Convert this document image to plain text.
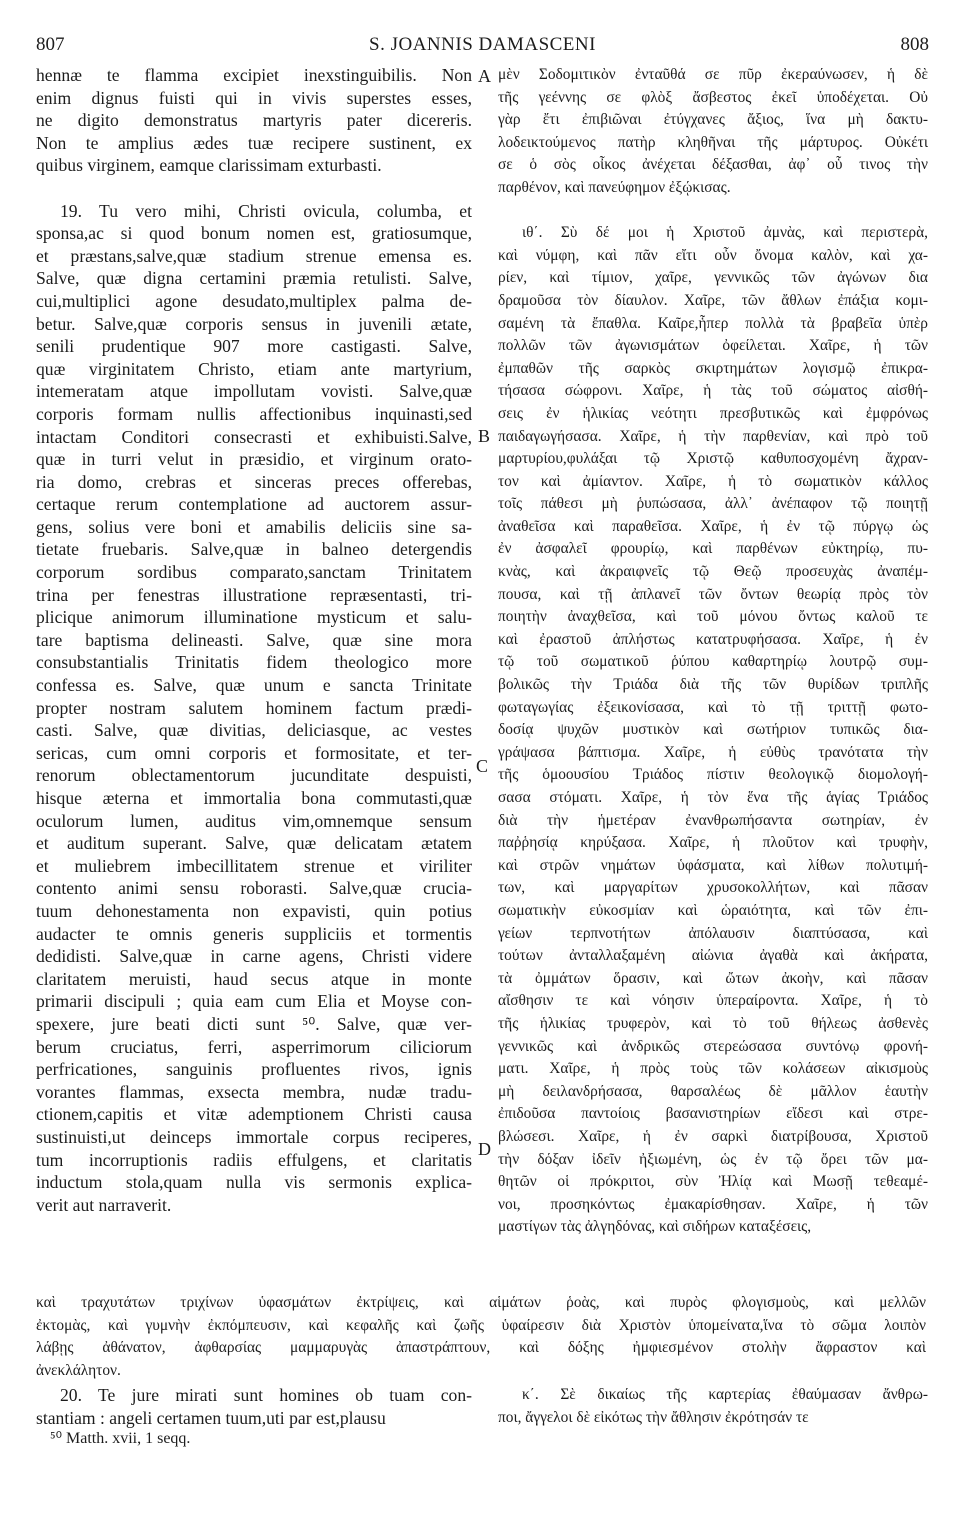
807	S. JOANNIS DAMASCENI	808
hennæ te flamma excipiet inexstinguibilis. Non
enim dignus fuisti qui in vivis superstes esses,
ne digito demonstratus martyris pater dicereris.
Non te amplius ædes tuæ recipere sustinent, ex
quibus virginem, eamque clarissimam exturbasti.

19. Tu vero mihi, Christi ovicula, columba, et
sponsa,ac si quod bonum nomen est, gratiosumque,
et præstans,salve,quæ stadium strenue emensa es.
Salve, quæ digna certamini præmia retulisti. Salve,
cui,multiplici agone desudato,multiplex palma de-
betur. Salve,quæ corporis sensus in juvenili ætate,
senili prudentique 907 more castigasti. Salve,
quæ virginitatem Christo, etiam ante martyrium,
intemeratam atque impollutam vovisti. Salve,quæ
corporis formam nullis affectionibus inquinasti,sed
intactam Conditori consecrasti et exhibuisti.Salve,
quæ in turri velut in præsidio, et virginum orato-
ria domo, crebras et sinceras preces offerebas,
certaque rerum contemplatione ad auctorem assur-
gens, solius vere boni et amabilis deliciis sine sa-
tietate fruebaris. Salve,quæ in balneo detergendis
corporum sordibus comparato,sanctam Trinitatem
trina per fenestras illustratione repræsentasti, tri-
plicique animorum illuminatione mysticum et salu-
tare baptisma delineasti. Salve, quæ sine mora
consubstantialis Trinitatis fidem theologico more
confessa es. Salve, quæ unum e sancta Trinitate
propter nostram salutem hominem factum prædi-
casti. Salve, quæ divitias, deliciasque, ac vestes
sericas, cum omni corporis et formositate, et ter-
renorum oblectamentorum jucunditate despuisti,
hisque æterna et immortalia bona commutasti,quæ
oculorum lumen, auditus vim,omnemque sensum
et auditum superant. Salve, quæ delicatam ætatem
et muliebrem imbecillitatem strenue et viriliter
contento animi sensu roborasti. Salve,quæ crucia-
tuum dehonestamenta non expavisti, quin potius
audacter te omnis generis suppliciis et tormentis
dedidisti. Salve,quæ in carne agens, Christi videre
claritatem meruisti, haud secus atque in monte
primarii discipuli ; quia eam cum Elia et Moyse con-
spexere, jure beati dicti sunt ⁵⁰. Salve, quæ ver-
berum cruciatus, ferri, asperrimorum ciliciorum
perfricationes, sanguinis profluentes rivos, ignis
vorantes flammas, exsecta membra, nudæ tradu-
ctionem,capitis et vitæ ademptionem Christi causa
sustinuisti,ut deinceps immortale corpus reciperes,
tum incorruptionis radiis effulgens, et claritatis
inductum stola,quam nulla vis sermonis explica-
verit aut narraverit.
μὲν Σοδομιτικὸν ἐνταῦθά σε πῦρ ἐκεραύνωσεν, ἡ δὲ
τῆς γεέννης σε φλὸξ ἄσβεστος ἐκεῖ ὑποδέχεται. Οὐ
γὰρ ἔτι ἐπιβιῶναι ἐτύγχανες ἄξιος, ἵνα μὴ δακτυ-
λοδεικτούμενος πατὴρ κληθῆναι τῆς μάρτυρος. Οὐκέτι
σε ὁ σὸς οἶκος ἀνέχεται δέξασθαι, ἀφ᾽ οὗ τινος τὴν
παρθένον, καὶ πανεύφημον ἐξῴκισας.

ιθ΄. Σὺ δέ μοι ἡ Χριστοῦ ἀμνὰς, καὶ περιστερὰ,
καὶ νύμφη, καὶ πᾶν εἴτι οὖν ὄνομα καλὸν, καὶ χα-
ρίεν, καὶ τίμιον, χαῖρε, γεννικῶς τῶν ἀγώνων δια
δραμοῦσα τὸν δίαυλον. Χαῖρε, τῶν ἄθλων ἐπάξια κομι-
σαμένη τὰ ἔπαθλα. Καῖρε,ἧπερ πολλὰ τὰ βραβεῖα ὑπὲρ
πολλῶν τῶν ἀγωνισμάτων ὀφείλεται. Χαῖρε, ἡ τῶν
ἐμπαθῶν τῆς σαρκὸς σκιρτημάτων λογισμῷ ἐπικρα-
τήσασα σώφρονι. Χαῖρε, ἡ τὰς τοῦ σώματος αἰσθή-
σεις ἐν ἡλικίας νεότητι πρεσβυτικῶς καὶ ἐμφρόνως
παιδαγωγήσασα. Χαῖρε, ἡ τὴν παρθενίαν, καὶ πρὸ τοῦ
μαρτυρίου,φυλάξαι τῷ Χριστῷ καθυποσχομένη ἄχραν-
τον καὶ ἀμίαντον. Χαῖρε, ἡ τὸ σωματικὸν κάλλος
τοῖς πάθεσι μὴ ῥυπώσασα, ἀλλ᾽ ἀνέπαφον τῷ ποιητῇ
ἀναθεῖσα καὶ παραθεῖσα. Χαῖρε, ἡ ἐν τῷ πύργῳ ὡς
ἐν ἀσφαλεῖ φρουρίῳ, καὶ παρθένων εὐκτηρίῳ, πυ-
κνὰς, καὶ ἀκραιφνεῖς τῷ Θεῷ προσευχὰς ἀναπέμ-
πουσα, καὶ τῇ ἀπλανεῖ τῶν ὄντων θεωρίᾳ πρὸς τὸν
ποιητὴν ἀναχθεῖσα, καὶ τοῦ μόνου ὄντως καλοῦ τε
καὶ ἐραστοῦ ἀπλήστως κατατρυφήσασα. Χαῖρε, ἡ ἐν
τῷ τοῦ σωματικοῦ ῥύπου καθαρτηρίῳ λουτρῷ συμ-
βολικῶς τὴν Τριάδα διὰ τῆς τῶν θυρίδων τριπλῆς
φωταγωγίας ἐξεικονίσασα, καὶ τὸ τῇ τριττῇ φωτο-
δοσίᾳ ψυχῶν μυστικὸν καὶ σωτήριον τυπικῶς δια-
γράψασα βάπτισμα. Χαῖρε, ἡ εὐθὺς τρανότατα τὴν
τῆς ὁμοουσίου Τριάδος πίστιν θεολογικῷ διομολογή-
σασα στόματι. Χαῖρε, ἡ τὸν ἕνα τῆς ἁγίας Τριάδος
διὰ τὴν ἡμετέραν ἐνανθρωπήσαντα σωτηρίαν, ἐν
παῤῥησίᾳ κηρύξασα. Χαῖρε, ἡ πλοῦτον καὶ τρυφὴν,
καὶ στρῶν νημάτων ὑφάσματα, καὶ λίθων πολυτιμή-
των, καὶ μαργαρίτων χρυσοκολλήτων, καὶ πᾶσαν
σωματικὴν εὐκοσμίαν καὶ ὡραιότητα, καὶ τῶν ἐπι-
γείων τερπνοτήτων ἀπόλαυσιν διαπτύσασα, καὶ
τούτων ἀνταλλαξαμένη αἰώνια ἀγαθὰ καὶ ἀκήρατα,
τὰ ὀμμάτων ὅρασιν, καὶ ὤτων ἀκοὴν, καὶ πᾶσαν
αἴσθησιν τε καὶ νόησιν ὑπεραίροντα. Χαῖρε, ἡ τὸ
τῆς ἡλικίας τρυφερὸν, καὶ τὸ τοῦ θήλεως ἀσθενὲς
γεννικῶς καὶ ἀνδρικῶς στερεώσασα συντόνῳ φρονή-
ματι. Χαῖρε, ἡ πρὸς τοὺς τῶν κολάσεων αἰκισμοὺς
μὴ δειλανδρήσασα, θαρσαλέως δὲ μᾶλλον ἑαυτὴν
ἐπιδοῦσα παντοίοις βασανιστηρίων εἴδεσι καὶ στρε-
βλώσεσι. Χαῖρε, ἡ ἐν σαρκὶ διατρίβουσα, Χριστοῦ
τὴν δόξαν ἰδεῖν ἠξιωμένη, ὡς ἐν τῷ ὄρει τῶν μα-
θητῶν οἱ πρόκριτοι, σὺν Ἠλίᾳ καὶ Μωσῇ τεθεαμέ-
νοι, προσηκόντως ἐμακαρίσθησαν. Χαῖρε, ἡ τῶν
μαστίγων τὰς ἀλγηδόνας, καὶ σιδήρων καταξέσεις,
A
B
C
D
καὶ τραχυτάτων τριχίνων ὑφασμάτων ἐκτρίψεις, καὶ αἱμάτων ῥοὰς, καὶ πυρὸς φλογισμοὺς, καὶ μελλῶν
ἐκτομὰς, καὶ γυμνὴν ἐκπόμπευσιν, καὶ κεφαλῆς καὶ ζωῆς ὑφαίρεσιν διὰ Χριστὸν ὑπομείνατα,ἵνα τὸ σῶμα λοιπὸν
λάβῃς ἀθάνατον, ἀφθαρσίας μαμμαρυγὰς ἀπαστράπτουν, καὶ δόξης ἠμφιεσμένον στολὴν ἄφραστον καὶ
ἀνεκλάλητον.
20. Te jure mirati sunt homines ob tuam con-
stantiam : angeli certamen tuum,uti par est,plausu
κ΄. Σὲ δικαίως τῆς καρτερίας ἐθαύμασαν ἄνθρω-
ποι, ἄγγελοι δὲ εἰκότως τὴν ἄθλησιν ἐκρότησάν τε
⁵⁰ Matth. xvii, 1 seqq.
